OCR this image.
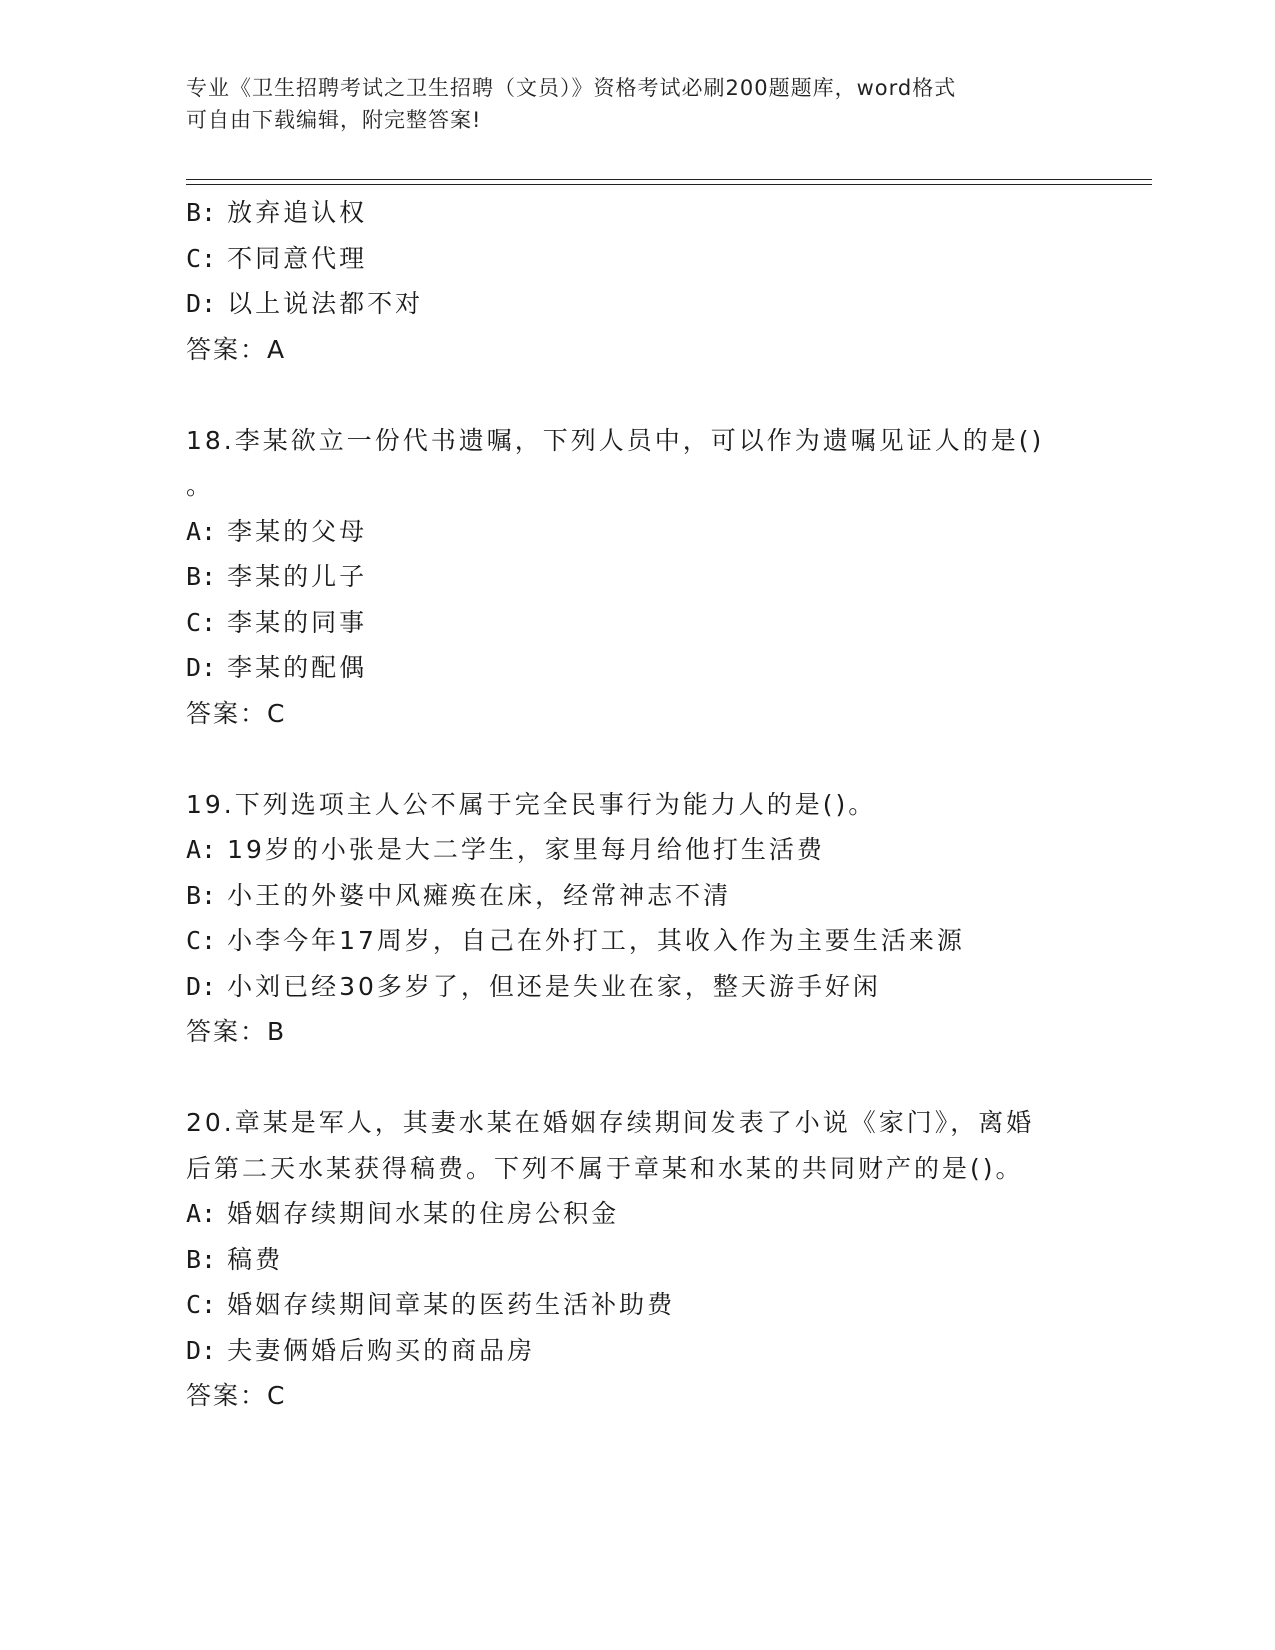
专业《卫生招聘考试之卫生招聘（文员）》资格考试必刷200题题库，word格式
可自由下载编辑，附完整答案!
B: 放弃追认权
C: 不同意代理
D: 以上说法都不对
答案：A
18.李某欲立一份代书遗嘱，下列人员中，可以作为遗嘱见证人的是()
。
A: 李某的父母
B: 李某的儿子
C: 李某的同事
D: 李某的配偶
答案：C
19.下列选项主人公不属于完全民事行为能力人的是()。
A: 19岁的小张是大二学生，家里每月给他打生活费
B: 小王的外婆中风瘫痪在床，经常神志不清
C: 小李今年17周岁，自己在外打工，其收入作为主要生活来源
D: 小刘已经30多岁了，但还是失业在家，整天游手好闲
答案：B
20.章某是军人，其妻水某在婚姻存续期间发表了小说《家门》，离婚
后第二天水某获得稿费。下列不属于章某和水某的共同财产的是()。
A: 婚姻存续期间水某的住房公积金
B: 稿费
C: 婚姻存续期间章某的医药生活补助费
D: 夫妻俩婚后购买的商品房
答案：C
